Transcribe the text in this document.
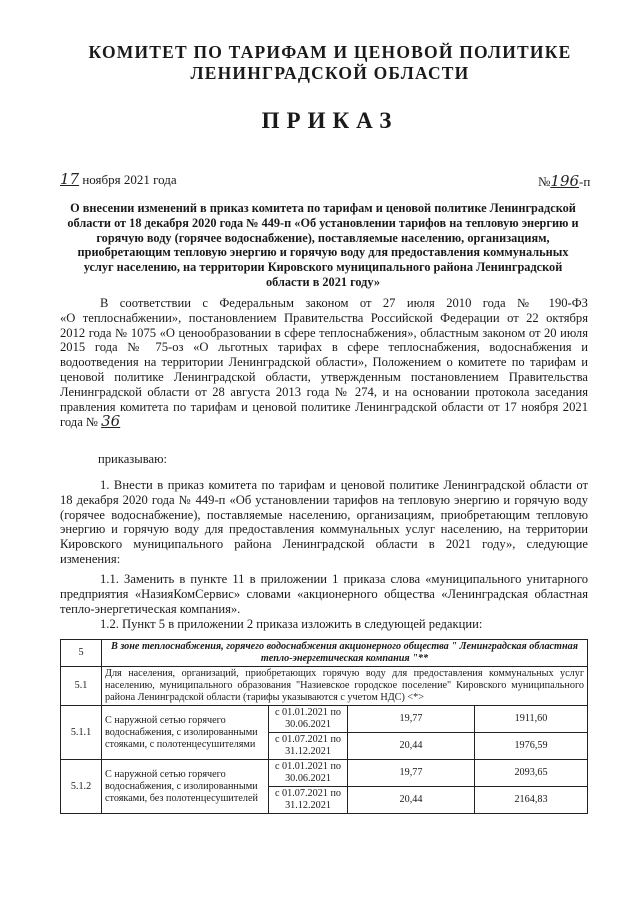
КОМИТЕТ ПО ТАРИФАМ И ЦЕНОВОЙ ПОЛИТИКЕ
ЛЕНИНГРАДСКОЙ ОБЛАСТИ
ПРИКАЗ
17 ноября 2021 года	№196-п
О внесении изменений в приказ комитета по тарифам и ценовой политике Ленинградской
области от 18 декабря 2020 года № 449-п «Об установлении тарифов на тепловую энергию и
горячую воду (горячее водоснабжение), поставляемые населению, организациям,
приобретающим тепловую энергию и горячую воду для предоставления коммунальных
услуг населению, на территории Кировского муниципального района Ленинградской
области в 2021 году»
В соответствии с Федеральным законом от 27 июля 2010 года № 190-ФЗ
«О теплоснабжении», постановлением Правительства Российской Федерации от 22 октября
2012 года № 1075 «О ценообразовании в сфере теплоснабжения», областным законом от 20 июля
2015 года № 75-оз «О льготных тарифах в сфере теплоснабжения, водоснабжения и
водоотведения на территории Ленинградской области», Положением о комитете по тарифам и
ценовой политике Ленинградской области, утвержденным постановлением Правительства
Ленинградской области от 28 августа 2013 года № 274, и на основании протокола заседания
правления комитета по тарифам и ценовой политике Ленинградской области от 17 ноября 2021
года № 36
приказываю:
1. Внести в приказ комитета по тарифам и ценовой политике Ленинградской области от
18 декабря 2020 года № 449-п «Об установлении тарифов на тепловую энергию и горячую воду
(горячее водоснабжение), поставляемые населению, организациям, приобретающим тепловую
энергию и горячую воду для предоставления коммунальных услуг населению, на территории
Кировского муниципального района Ленинградской области в 2021 году», следующие
изменения:
1.1. Заменить в пункте 11 в приложении 1 приказа слова «муниципального унитарного
предприятия «НазияКомСервис» словами «акционерного общества «Ленинградская областная
тепло-энергетическая компания».
1.2. Пункт 5 в приложении 2 приказа изложить в следующей редакции:
5	В зоне теплоснабжения, горячего водоснабжения акционерного общества " Ленинградская областная тепло-энергетическая компания "**			
5.1	Для населения, организаций, приобретающих горячую воду для предоставления коммунальных услуг населению, муниципального образования "Назиевское городское поселение" Кировского муниципального района Ленинградской области (тарифы указываются с учетом НДС) <*>			
5.1.1	С наружной сетью горячего водоснабжения, с изолированными стояками, с полотенцесушителями	с 01.01.2021 по 30.06.2021	19,77	1911,60
		с 01.07.2021 по 31.12.2021	20,44	1976,59
5.1.2	С наружной сетью горячего водоснабжения, с изолированными стояками, без полотенцесушителей	с 01.01.2021 по 30.06.2021	19,77	2093,65
		с 01.07.2021 по 31.12.2021	20,44	2164,83
